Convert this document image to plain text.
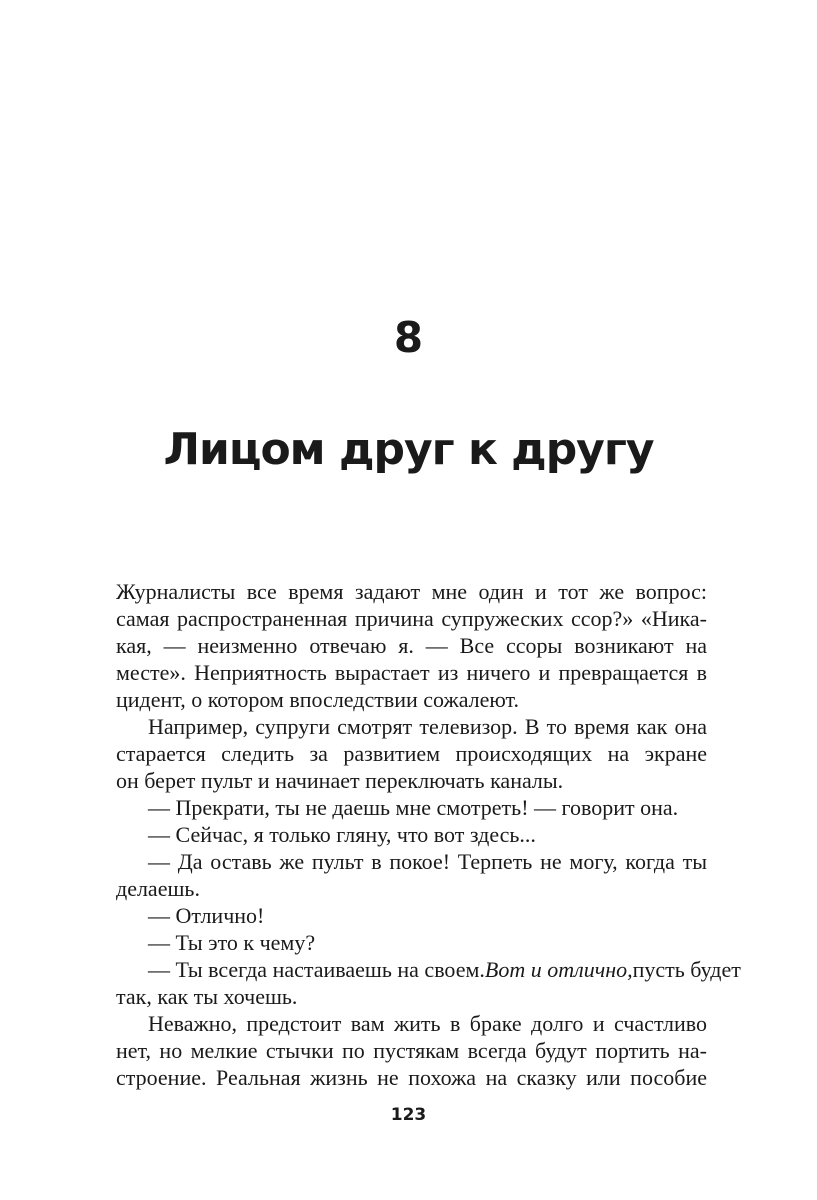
8
Лицом друг к другу
Журналисты все время задают мне один и тот же вопрос:
самая распространенная причина супружеских ссор?» «Ника-
кая, — неизменно отвечаю я. — Все ссоры возникают на
месте». Неприятность вырастает из ничего и превращается в
цидент, о котором впоследствии сожалеют.
Например, супруги смотрят телевизор. В то время как она
старается следить за развитием происходящих на экране
он берет пульт и начинает переключать каналы.
— Прекрати, ты не даешь мне смотреть! — говорит она.
— Сейчас, я только гляну, что вот здесь...
— Да оставь же пульт в покое! Терпеть не могу, когда ты
делаешь.
— Отлично!
— Ты это к чему?
— Ты всегда настаиваешь на своем. Вот и отлично, пусть будет
так, как ты хочешь.
Неважно, предстоит вам жить в браке долго и счастливо
нет, но мелкие стычки по пустякам всегда будут портить на-
строение. Реальная жизнь не похожа на сказку или пособие
123
